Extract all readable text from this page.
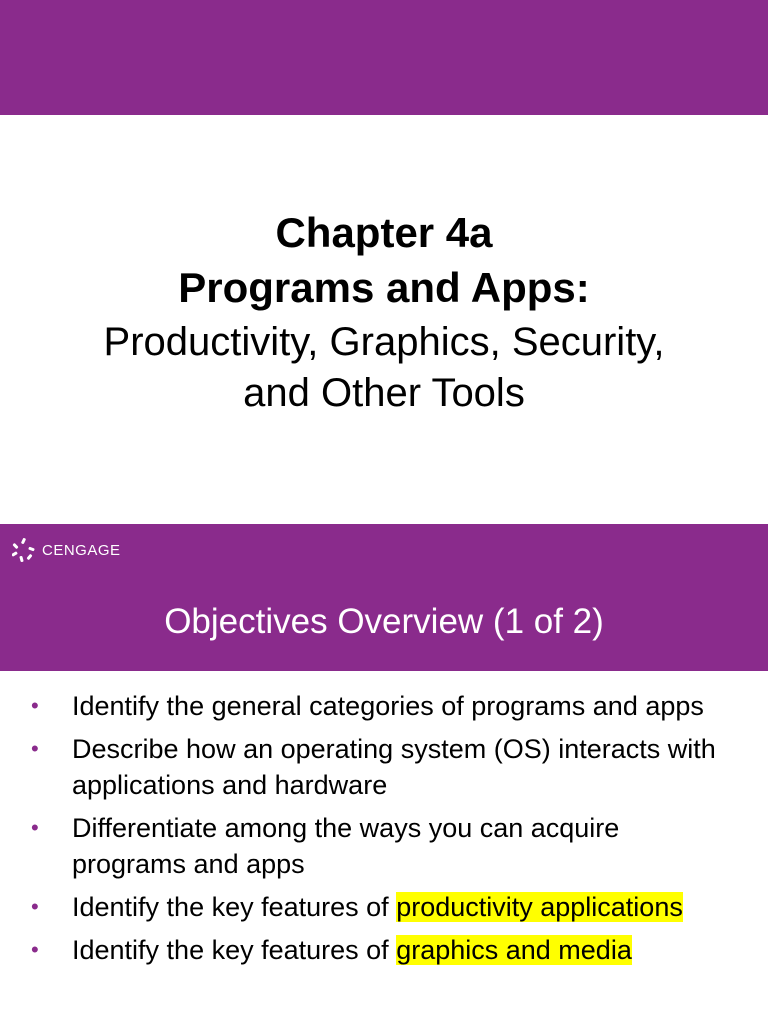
Chapter 4a
Programs and Apps:
Productivity, Graphics, Security,
and Other Tools
CENGAGE
Objectives Overview (1 of 2)
• Identify the general categories of programs and apps
• Describe how an operating system (OS) interacts with applications and hardware
• Differentiate among the ways you can acquire programs and apps
• Identify the key features of productivity applications
• Identify the key features of graphics and media
